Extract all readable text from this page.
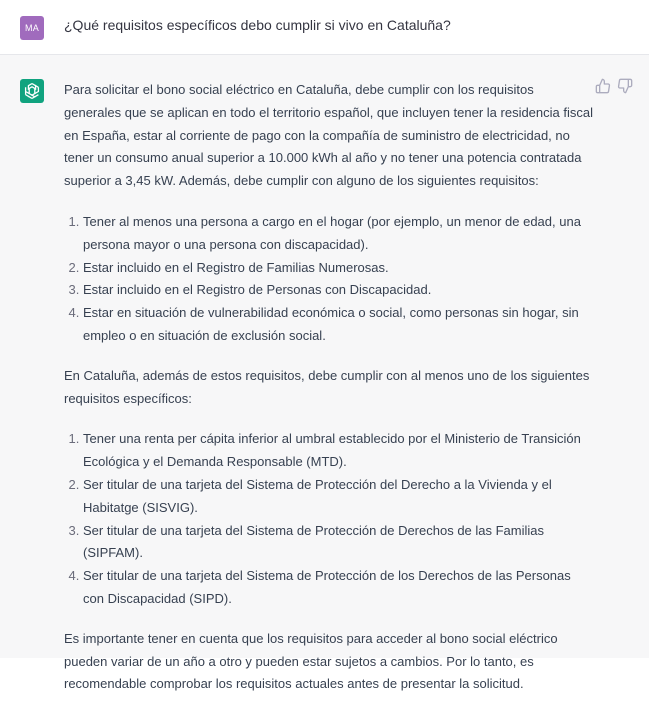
MA	¿Qué requisitos específicos debo cumplir si vivo en Cataluña?

Para solicitar el bono social eléctrico en Cataluña, debe cumplir con los requisitos generales que se aplican en todo el territorio español, que incluyen tener la residencia fiscal en España, estar al corriente de pago con la compañía de suministro de electricidad, no tener un consumo anual superior a 10.000 kWh al año y no tener una potencia contratada superior a 3,45 kW. Además, debe cumplir con alguno de los siguientes requisitos:

1. Tener al menos una persona a cargo en el hogar (por ejemplo, un menor de edad, una persona mayor o una persona con discapacidad).
2. Estar incluido en el Registro de Familias Numerosas.
3. Estar incluido en el Registro de Personas con Discapacidad.
4. Estar en situación de vulnerabilidad económica o social, como personas sin hogar, sin empleo o en situación de exclusión social.

En Cataluña, además de estos requisitos, debe cumplir con al menos uno de los siguientes requisitos específicos:

1. Tener una renta per cápita inferior al umbral establecido por el Ministerio de Transición Ecológica y el Demanda Responsable (MTD).
2. Ser titular de una tarjeta del Sistema de Protección del Derecho a la Vivienda y el Habitatge (SISVIG).
3. Ser titular de una tarjeta del Sistema de Protección de Derechos de las Familias (SIPFAM).
4. Ser titular de una tarjeta del Sistema de Protección de los Derechos de las Personas con Discapacidad (SIPD).

Es importante tener en cuenta que los requisitos para acceder al bono social eléctrico pueden variar de un año a otro y pueden estar sujetos a cambios. Por lo tanto, es recomendable comprobar los requisitos actuales antes de presentar la solicitud.
